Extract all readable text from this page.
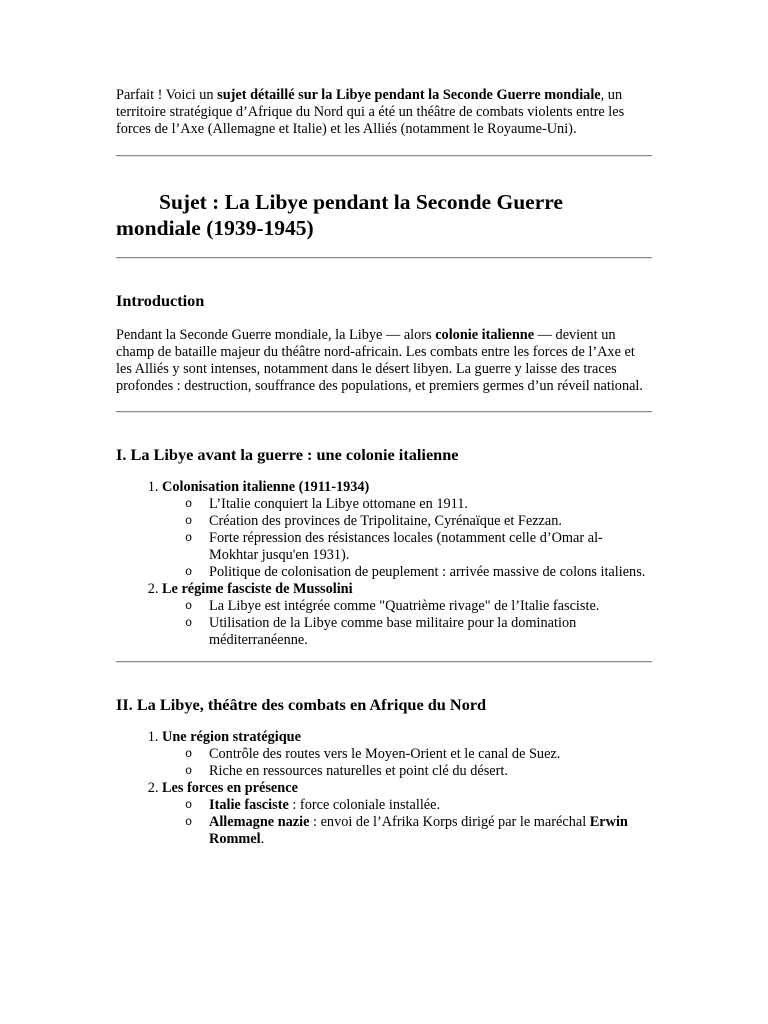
Parfait ! Voici un sujet détaillé sur la Libye pendant la Seconde Guerre mondiale, un territoire stratégique d’Afrique du Nord qui a été un théâtre de combats violents entre les forces de l’Axe (Allemagne et Italie) et les Alliés (notamment le Royaume-Uni).

Sujet : La Libye pendant la Seconde Guerre mondiale (1939-1945)
Introduction

Pendant la Seconde Guerre mondiale, la Libye — alors colonie italienne — devient un champ de bataille majeur du théâtre nord-africain. Les combats entre les forces de l’Axe et les Alliés y sont intenses, notamment dans le désert libyen. La guerre y laisse des traces profondes : destruction, souffrance des populations, et premiers germes d’un réveil national.

I. La Libye avant la guerre : une colonie italienne
1. Colonisation italienne (1911-1934)
o L’Italie conquiert la Libye ottomane en 1911.
o Création des provinces de Tripolitaine, Cyrénaïque et Fezzan.
o Forte répression des résistances locales (notamment celle d’Omar al-Mokhtar jusqu'en 1931).
o Politique de colonisation de peuplement : arrivée massive de colons italiens.
2. Le régime fasciste de Mussolini
o La Libye est intégrée comme "Quatrième rivage" de l’Italie fasciste.
o Utilisation de la Libye comme base militaire pour la domination méditerranéenne.
II. La Libye, théâtre des combats en Afrique du Nord
1. Une région stratégique
o Contrôle des routes vers le Moyen-Orient et le canal de Suez.
o Riche en ressources naturelles et point clé du désert.
2. Les forces en présence
o Italie fasciste : force coloniale installée.
o Allemagne nazie : envoi de l’Afrika Korps dirigé par le maréchal Erwin Rommel.
